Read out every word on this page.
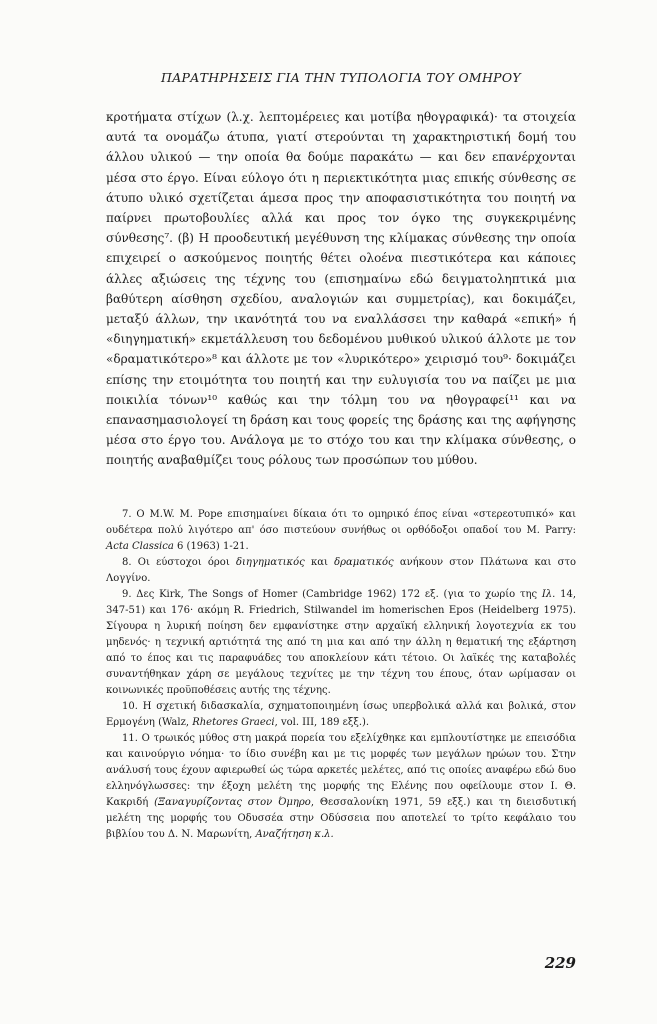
ΠΑΡΑΤΗΡΗΣΕΙΣ ΓΙΑ ΤΗΝ ΤΥΠΟΛΟΓΙΑ ΤΟΥ ΟΜΗΡΟΥ

κροτήματα στίχων (λ.χ. λεπτομέρειες και μοτίβα ηθογραφικά)· τα στοιχεία αυτά τα ονομάζω άτυπα, γιατί στερούνται τη χαρακτηριστική δομή του άλλου υλικού — την οποία θα δούμε παρακάτω — και δεν επανέρχονται μέσα στο έργο. Είναι εύλογο ότι η περιεκτικότητα μιας επικής σύνθεσης σε άτυπο υλικό σχετίζεται άμεσα προς την αποφασιστικότητα του ποιητή να παίρνει πρωτοβουλίες αλλά και προς τον όγκο της συγκεκριμένης σύνθεσης⁷. (β) Η προοδευτική μεγέθυνση της κλίμακας σύνθεσης την οποία επιχειρεί ο ασκούμενος ποιητής θέτει ολοένα πιεστικότερα και κάποιες άλλες αξιώσεις της τέχνης του (επισημαίνω εδώ δειγματοληπτικά μια βαθύτερη αίσθηση σχεδίου, αναλογιών και συμμετρίας), και δοκιμάζει, μεταξύ άλλων, την ικανότητά του να εναλλάσσει την καθαρά «επική» ή «διηγηματική» εκμετάλλευση του δεδομένου μυθικού υλικού άλλοτε με τον «δραματικότερο»⁸ και άλλοτε με τον «λυρικότερο» χειρισμό του⁹· δοκιμάζει επίσης την ετοιμότητα του ποιητή και την ευλυγισία του να παίζει με μια ποικιλία τόνων¹⁰ καθώς και την τόλμη του να ηθογραφεί¹¹ και να επανασημασιολογεί τη δράση και τους φορείς της δράσης και της αφήγησης μέσα στο έργο του. Ανάλογα με το στόχο του και την κλίμακα σύνθεσης, ο ποιητής αναβαθμίζει τους ρόλους των προσώπων του μύθου.

7. Ο M.W. M. Pope επισημαίνει δίκαια ότι το ομηρικό έπος είναι «στερεοτυπικό» και ουδέτερα πολύ λιγότερο απ' όσο πιστεύουν συνήθως οι ορθόδοξοι οπαδοί του M. Parry: Acta Classica 6 (1963) 1-21.

8. Οι εύστοχοι όροι διηγηματικός και δραματικός ανήκουν στον Πλάτωνα και στο Λογγίνο.

9. Δες Kirk, The Songs of Homer (Cambridge 1962) 172 εξ. (για το χωρίο της Ιλ. 14, 347-51) και 176· ακόμη R. Friedrich, Stilwandel im homerischen Epos (Heidelberg 1975). Σίγουρα η λυρική ποίηση δεν εμφανίστηκε στην αρχαϊκή ελληνική λογοτεχνία εκ του μηδενός· η τεχνική αρτιότητά της από τη μια και από την άλλη η θεματική της εξάρτηση από το έπος και τις παραφυάδες του αποκλείουν κάτι τέτοιο. Οι λαϊκές της καταβολές συναντήθηκαν χάρη σε μεγάλους τεχνίτες με την τέχνη του έπους, όταν ωρίμασαν οι κοινωνικές προϋποθέσεις αυτής της τέχνης.

10. Η σχετική διδασκαλία, σχηματοποιημένη ίσως υπερβολικά αλλά και βολικά, στον Ερμογένη (Walz, Rhetores Graeci, vol. III, 189 εξξ.).

11. Ο τρωικός μύθος στη μακρά πορεία του εξελίχθηκε και εμπλουτίστηκε με επεισόδια και καινούργιο νόημα· το ίδιο συνέβη και με τις μορφές των μεγάλων ηρώων του. Στην ανάλυσή τους έχουν αφιερωθεί ώς τώρα αρκετές μελέτες, από τις οποίες αναφέρω εδώ δυο ελληνόγλωσσες: την έξοχη μελέτη της μορφής της Ελένης που οφείλουμε στον Ι. Θ. Κακριδή (Ξαναγυρίζοντας στον Όμηρο, Θεσσαλονίκη 1971, 59 εξξ.) και τη διεισδυτική μελέτη της μορφής του Οδυσσέα στην Οδύσσεια που αποτελεί το τρίτο κεφάλαιο του βιβλίου του Δ. Ν. Μαρωνίτη, Αναζήτηση κ.λ.

229
